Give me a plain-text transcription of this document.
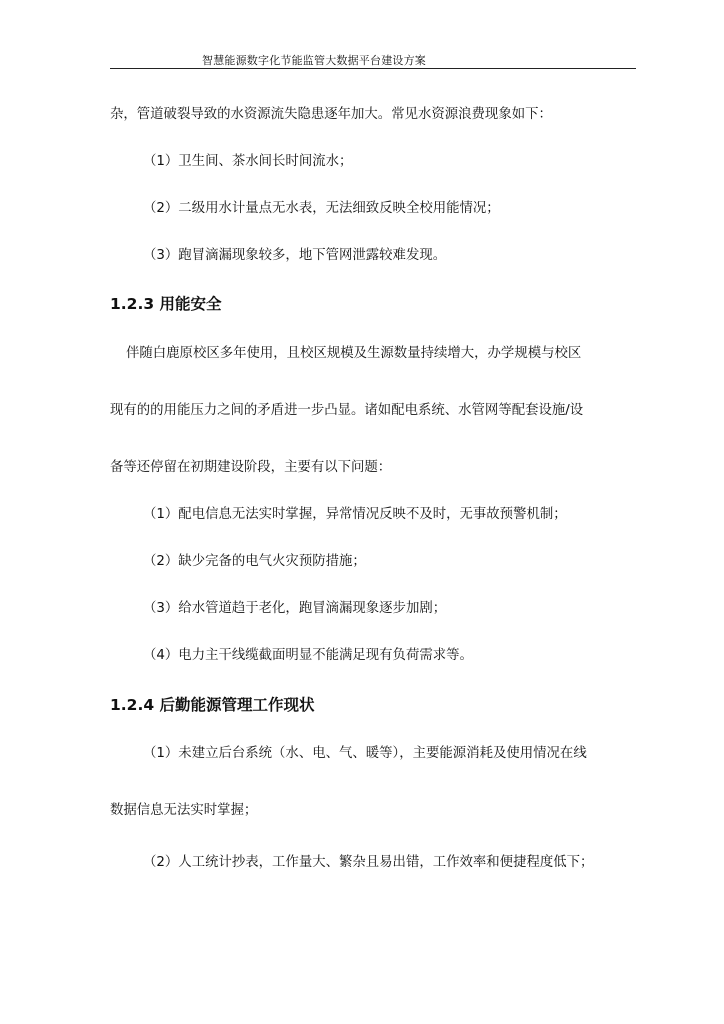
智慧能源数字化节能监管大数据平台建设方案
杂，管道破裂导致的水资源流失隐患逐年加大。常见水资源浪费现象如下：
（1）卫生间、茶水间长时间流水；
（2）二级用水计量点无水表，无法细致反映全校用能情况；
（3）跑冒滴漏现象较多，地下管网泄露较难发现。
1.2.3 用能安全
伴随白鹿原校区多年使用，且校区规模及生源数量持续增大，办学规模与校区
现有的的用能压力之间的矛盾进一步凸显。诸如配电系统、水管网等配套设施/设
备等还停留在初期建设阶段，主要有以下问题：
（1）配电信息无法实时掌握，异常情况反映不及时，无事故预警机制；
（2）缺少完备的电气火灾预防措施；
（3）给水管道趋于老化，跑冒滴漏现象逐步加剧；
（4）电力主干线缆截面明显不能满足现有负荷需求等。
1.2.4 后勤能源管理工作现状
（1）未建立后台系统（水、电、气、暖等），主要能源消耗及使用情况在线
数据信息无法实时掌握；
（2）人工统计抄表，工作量大、繁杂且易出错，工作效率和便捷程度低下；
